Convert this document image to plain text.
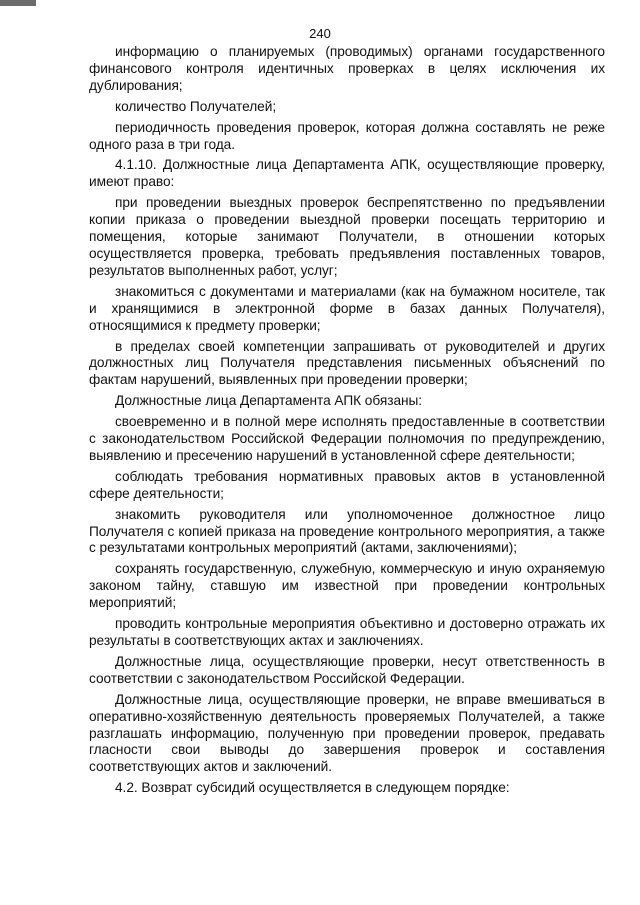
240

информацию о планируемых (проводимых) органами государственного финансового контроля идентичных проверках в целях исключения их дублирования;

количество Получателей;

периодичность проведения проверок, которая должна составлять не реже одного раза в три года.

4.1.10. Должностные лица Департамента АПК, осуществляющие проверку, имеют право:

при проведении выездных проверок беспрепятственно по предъявлении копии приказа о проведении выездной проверки посещать территорию и помещения, которые занимают Получатели, в отношении которых осуществляется проверка, требовать предъявления поставленных товаров, результатов выполненных работ, услуг;

знакомиться с документами и материалами (как на бумажном носителе, так и хранящимися в электронной форме в базах данных Получателя), относящимися к предмету проверки;

в пределах своей компетенции запрашивать от руководителей и других должностных лиц Получателя представления письменных объяснений по фактам нарушений, выявленных при проведении проверки;

Должностные лица Департамента АПК обязаны:

своевременно и в полной мере исполнять предоставленные в соответствии с законодательством Российской Федерации полномочия по предупреждению, выявлению и пресечению нарушений в установленной сфере деятельности;

соблюдать требования нормативных правовых актов в установленной сфере деятельности;

знакомить руководителя или уполномоченное должностное лицо Получателя с копией приказа на проведение контрольного мероприятия, а также с результатами контрольных мероприятий (актами, заключениями);

сохранять государственную, служебную, коммерческую и иную охраняемую законом тайну, ставшую им известной при проведении контрольных мероприятий;

проводить контрольные мероприятия объективно и достоверно отражать их результаты в соответствующих актах и заключениях.

Должностные лица, осуществляющие проверки, несут ответственность в соответствии с законодательством Российской Федерации.

Должностные лица, осуществляющие проверки, не вправе вмешиваться в оперативно-хозяйственную деятельность проверяемых Получателей, а также разглашать информацию, полученную при проведении проверок, предавать гласности свои выводы до завершения проверок и составления соответствующих актов и заключений.

4.2. Возврат субсидий осуществляется в следующем порядке:
